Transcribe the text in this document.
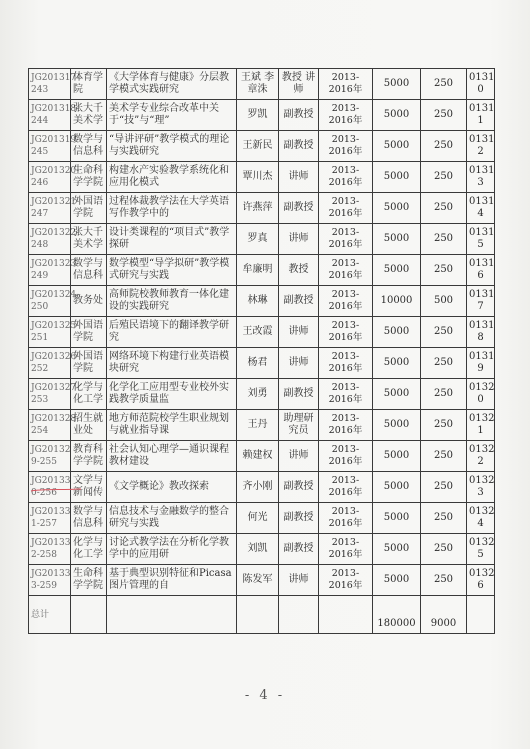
JG201317-243	体育学院	《大学体育与健康》分层教学模式实践研究	王斌 李章洙	教授 讲师	2013-2016年	5000	250	0131 0
JG201318-244	张大千美术学	美术学专业综合改革中关于“技”与“理”	罗凯	副教授	2013-2016年	5000	250	0131 1
JG201319-245	数学与信息科	“导讲评研”教学模式的理论与实践研究	王新民	副教授	2013-2016年	5000	250	0131 2
JG201320-246	生命科学学院	构建水产实验教学系统化和应用化模式	覃川杰	讲师	2013-2016年	5000	250	0131 3
JG201321-247	外国语学院	过程体裁教学法在大学英语写作教学中的	许燕萍	副教授	2013-2016年	5000	250	0131 4
JG201322-248	张大千美术学	设计类课程的“项目式”教学探研	罗真	讲师	2013-2016年	5000	250	0131 5
JG201323-249	数学与信息科	数学模型“导学拟研”教学模式研究与实践	牟廉明	教授	2013-2016年	5000	250	0131 6
JG201324-250	教务处	高师院校教师教育一体化建设的实践研究	林琳	副教授	2013-2016年	10000	500	0131 7
JG201325-251	外国语学院	后殖民语境下的翻译教学研究	王改霞	讲师	2013-2016年	5000	250	0131 8
JG201326-252	外国语学院	网络环境下构建行业英语模块研究	杨君	讲师	2013-2016年	5000	250	0131 9
JG201327-253	化学与化工学	化学化工应用型专业校外实践教学质量监	刘勇	副教授	2013-2016年	5000	250	0132 0
JG201328-254	招生就业处	地方师范院校学生职业规划与就业指导课	王丹	助理研究员	2013-2016年	5000	250	0132 1
JG20132 9-255	教育科学学院	社会认知心理学—通识课程教材建设	赖建权	讲师	2013-2016年	5000	250	0132 2
JG20133 0-256	文学与新闻传	《文学概论》教改探索	齐小刚	副教授	2013-2016年	5000	250	0132 3
JG20133 1-257	数学与信息科	信息技术与金融数学的整合研究与实践	何光	副教授	2013-2016年	5000	250	0132 4
JG20133 2-258	化学与化工学	讨论式教学法在分析化学教学中的应用研	刘凯	副教授	2013-2016年	5000	250	0132 5
JG20133 3-259	生命科学学院	基于典型识别特征和Picasa图片管理的自	陈发军	讲师	2013-2016年	5000	250	0132 6
总计						180000	9000	
- 4 -
